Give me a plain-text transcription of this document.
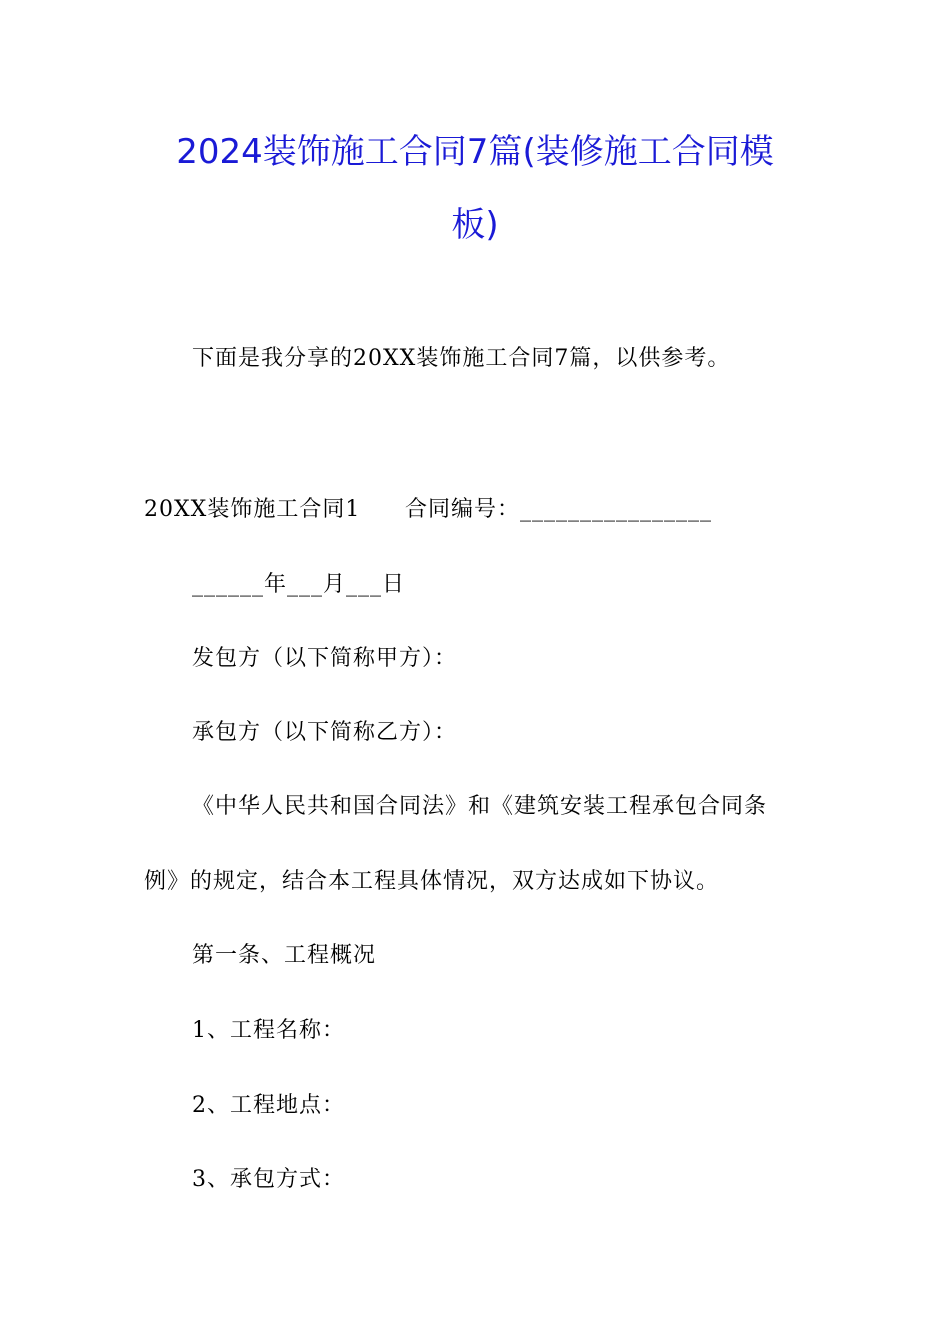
2024装饰施工合同7篇(装修施工合同模
板)
下面是我分享的20XX装饰施工合同7篇，以供参考。
20XX装饰施工合同1 合同编号：________________
______年___月___日
发包方（以下简称甲方）：
承包方（以下简称乙方）：
《中华人民共和国合同法》和《建筑安装工程承包合同条
例》的规定，结合本工程具体情况，双方达成如下协议。
第一条、工程概况
1、工程名称：
2、工程地点：
3、承包方式：
